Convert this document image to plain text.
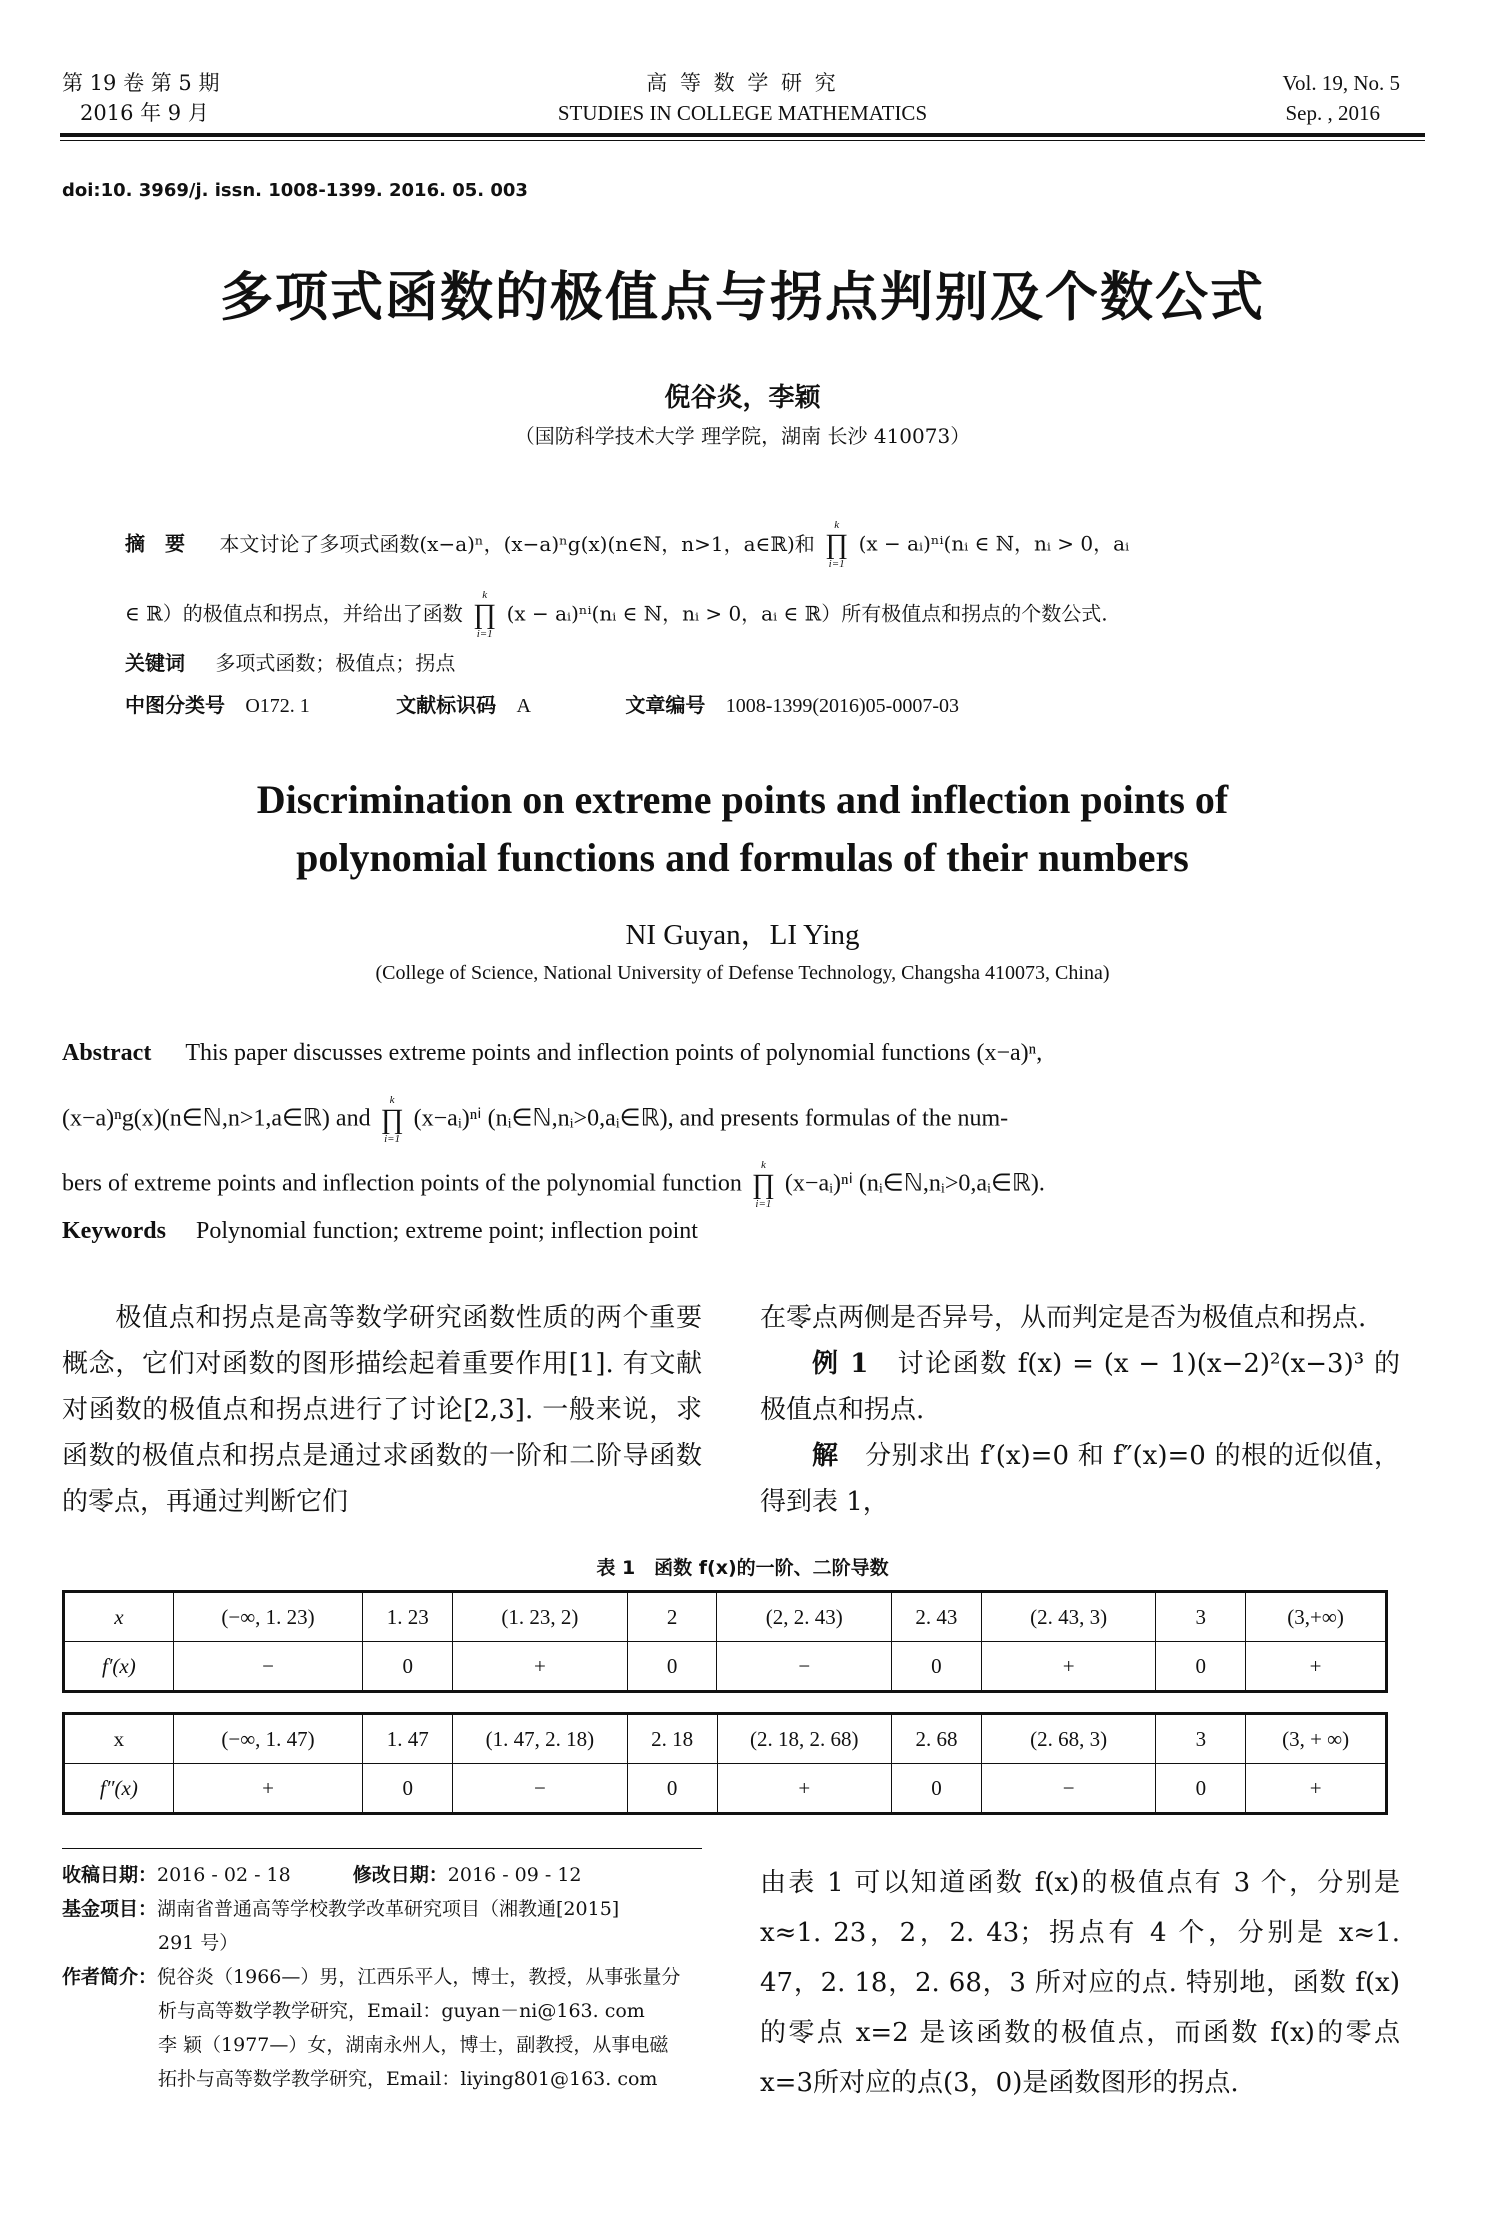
第 19 卷 第 5 期
2016 年 9 月
高 等 数 学 研 究
STUDIES IN COLLEGE MATHEMATICS
Vol. 19, No. 5
Sep. , 2016
doi:10. 3969/j. issn. 1008-1399. 2016. 05. 003
多项式函数的极值点与拐点判别及个数公式
倪谷炎，李颖
（国防科学技术大学 理学院，湖南 长沙 410073）
摘　要 本文讨论了多项式函数(x−a)ⁿ，(x−a)ⁿg(x)(n∈ℕ，n>1，a∈ℝ)和
k
∏
i=1
(x − aᵢ)ⁿⁱ(nᵢ ∈ ℕ，nᵢ > 0，aᵢ
∈ ℝ）的极值点和拐点，并给出了函数
k
∏
i=1
(x − aᵢ)ⁿⁱ(nᵢ ∈ ℕ，nᵢ > 0，aᵢ ∈ ℝ）所有极值点和拐点的个数公式.
关键词 多项式函数；极值点；拐点
中图分类号 O172. 1	文献标识码 A	文章编号 1008-1399(2016)05-0007-03
Discrimination on extreme points and inflection points of
polynomial functions and formulas of their numbers
NI Guyan，LI Ying
(College of Science, National University of Defense Technology, Changsha 410073, China)
Abstract This paper discusses extreme points and inflection points of polynomial functions (x−a)ⁿ,
(x−a)ⁿg(x)(n∈ℕ,n>1,a∈ℝ) and
k
∏
i=1
(x−aᵢ)ⁿⁱ (nᵢ∈ℕ,nᵢ>0,aᵢ∈ℝ), and presents formulas of the num-
bers of extreme points and inflection points of the polynomial function
k
∏
i=1
(x−aᵢ)ⁿⁱ (nᵢ∈ℕ,nᵢ>0,aᵢ∈ℝ).
Keywords Polynomial function; extreme point; inflection point
　　极值点和拐点是高等数学研究函数性质的两个重要概念，它们对函数的图形描绘起着重要作用[1]. 有文献对函数的极值点和拐点进行了讨论[2,3]. 一般来说，求函数的极值点和拐点是通过求函数的一阶和二阶导函数的零点，再通过判断它们
在零点两侧是否异号，从而判定是否为极值点和拐点.
例 1　 讨论函数 f(x) = (x − 1)(x−2)²(x−3)³ 的极值点和拐点.
解　 分别求出 f′(x)=0 和 f″(x)=0 的根的近似值，得到表 1，
表 1　函数 f(x)的一阶、二阶导数
x	(−∞, 1. 23)	1. 23	(1. 23, 2)	2	(2, 2. 43)	2. 43	(2. 43, 3)	3	(3,+∞)
f′(x)	−	0	+	0	−	0	+	0	+
x	(−∞, 1. 47)	1. 47	(1. 47, 2. 18)	2. 18	(2. 18, 2. 68)	2. 68	(2. 68, 3)	3	(3, + ∞)
f″(x)	+	0	−	0	+	0	−	0	+
收稿日期：2016 - 02 - 18	修改日期：2016 - 09 - 12
基金项目：湖南省普通高等学校教学改革研究项目（湘教通[2015]
291 号）
作者简介：倪谷炎（1966—）男，江西乐平人，博士，教授，从事张量分
析与高等数学教学研究，Email：guyan－ni@163. com
李 颖（1977—）女，湖南永州人，博士，副教授，从事电磁
拓扑与高等数学教学研究，Email：liying801@163. com
由表 1 可以知道函数 f(x)的极值点有 3 个，分别是 x≈1. 23，2，2. 43；拐点有 4 个，分别是 x≈1. 47，2. 18，2. 68，3 所对应的点. 特别地，函数 f(x)的零点 x=2 是该函数的极值点，而函数 f(x)的零点 x=3所对应的点(3，0)是函数图形的拐点.
